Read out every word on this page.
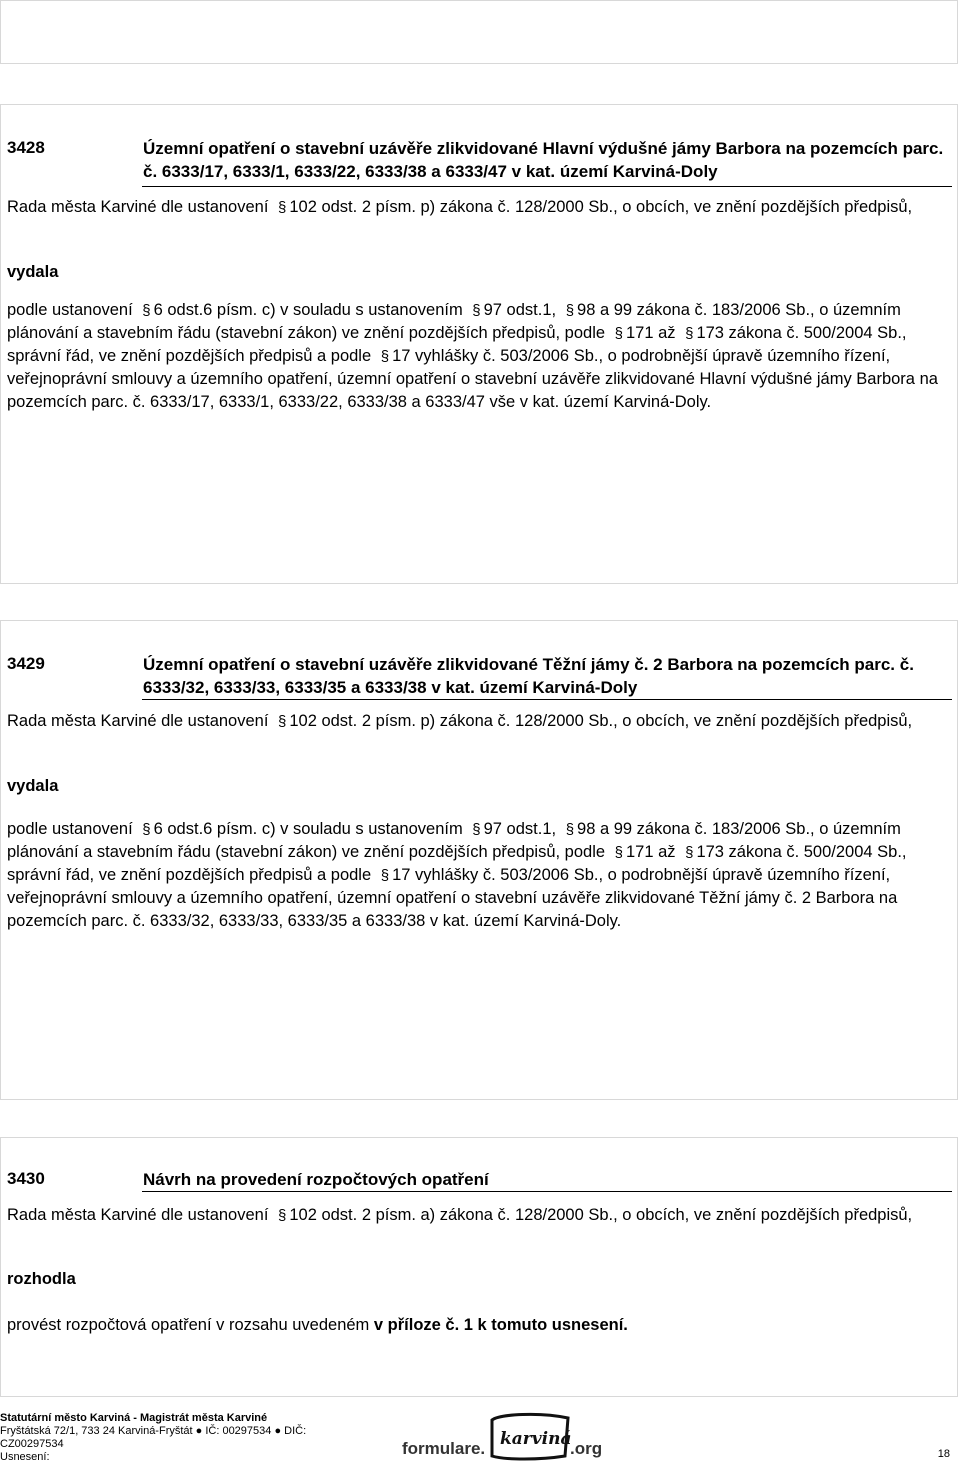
3428	Územní opatření o stavební uzávěře zlikvidované Hlavní výdušné jámy Barbora na pozemcích parc. č. 6333/17, 6333/1, 6333/22, 6333/38 a 6333/47 v kat. území Karviná-Doly
Rada města Karviné dle ustanovení § 102 odst. 2 písm. p) zákona č. 128/2000 Sb., o obcích, ve znění pozdějších předpisů,
vydala
podle ustanovení § 6 odst.6 písm. c) v souladu s ustanovením § 97 odst.1, § 98 a 99 zákona č. 183/2006 Sb., o územním plánování a stavebním řádu (stavební zákon) ve znění pozdějších předpisů, podle § 171 až § 173 zákona č. 500/2004 Sb., správní řád, ve znění pozdějších předpisů a podle § 17 vyhlášky č. 503/2006 Sb., o podrobnější úpravě územního řízení, veřejnoprávní smlouvy a územního opatření, územní opatření o stavební uzávěře zlikvidované Hlavní výdušné jámy Barbora na pozemcích parc. č. 6333/17, 6333/1, 6333/22, 6333/38 a 6333/47 vše v kat. území Karviná-Doly.
3429	Územní opatření o stavební uzávěře zlikvidované Těžní jámy č. 2 Barbora na pozemcích parc. č. 6333/32, 6333/33, 6333/35 a 6333/38 v kat. území Karviná-Doly
Rada města Karviné dle ustanovení § 102 odst. 2 písm. p) zákona č. 128/2000 Sb., o obcích, ve znění pozdějších předpisů,
vydala
podle ustanovení § 6 odst.6 písm. c) v souladu s ustanovením § 97 odst.1, § 98 a 99 zákona č. 183/2006 Sb., o územním plánování a stavebním řádu (stavební zákon) ve znění pozdějších předpisů, podle § 171 až § 173 zákona č. 500/2004 Sb., správní řád, ve znění pozdějších předpisů a podle § 17 vyhlášky č. 503/2006 Sb., o podrobnější úpravě územního řízení, veřejnoprávní smlouvy a územního opatření, územní opatření o stavební uzávěře zlikvidované Těžní jámy č. 2 Barbora na pozemcích parc. č. 6333/32, 6333/33, 6333/35 a 6333/38 v kat. území Karviná-Doly.
3430	Návrh na provedení rozpočtových opatření
Rada města Karviné dle ustanovení § 102 odst. 2 písm. a) zákona č. 128/2000 Sb., o obcích, ve znění pozdějších předpisů,
rozhodla
provést rozpočtová opatření v rozsahu uvedeném v příloze č. 1 k tomuto usnesení.
Statutární město Karviná - Magistrát města Karviné
Fryštátská 72/1, 733 24 Karviná-Fryštát ● IČ: 00297534 ● DIČ:
CZ00297534
Usnesení:	formulare. karviná
.org	18
